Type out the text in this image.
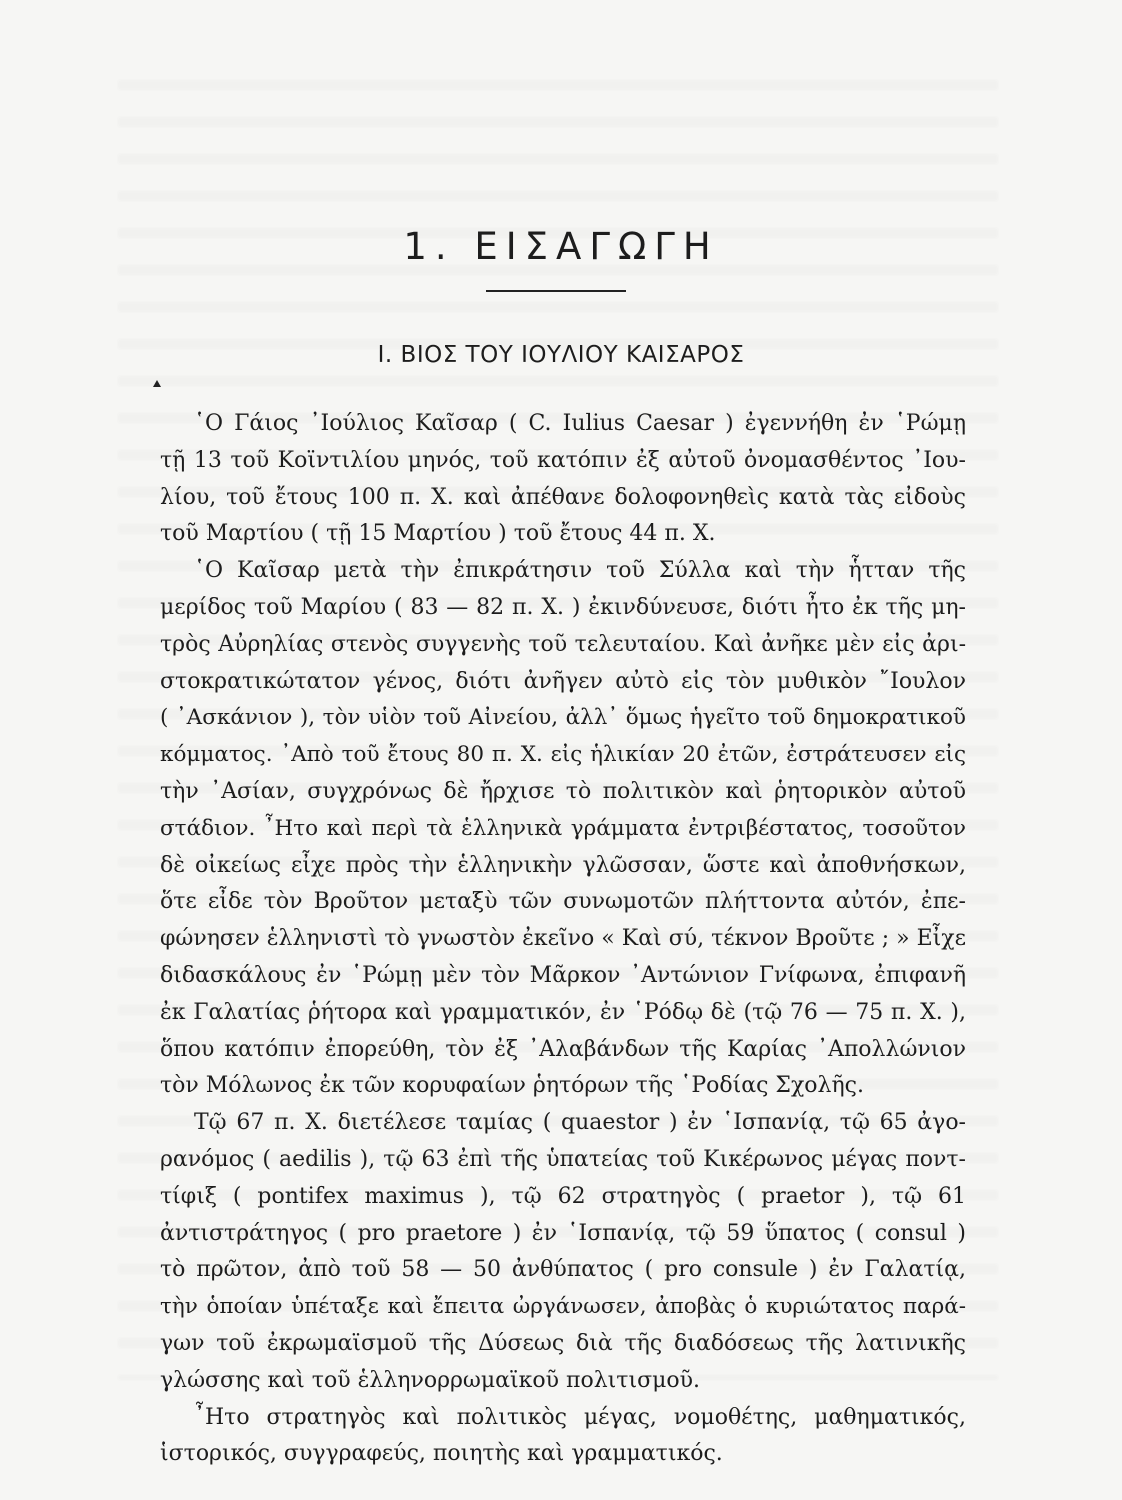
1. ΕΙΣΑΓΩΓΗ
Ι. ΒΙΟΣ ΤΟΥ ΙΟΥΛΙΟΥ ΚΑΙΣΑΡΟΣ
῾Ο Γάιος ᾿Ιούλιος Καῖσαρ ( C. Iulius Caesar ) ἐγεννήθη ἐν ῾Ρώμῃ
τῇ 13 τοῦ Κοϊντιλίου μηνός, τοῦ κατόπιν ἐξ αὐτοῦ ὀνομασθέντος ᾿Ιου-
λίου, τοῦ ἔτους 100 π. Χ. καὶ ἀπέθανε δολοφονηθεὶς κατὰ τὰς εἰδοὺς
τοῦ Μαρτίου ( τῇ 15 Μαρτίου ) τοῦ ἔτους 44 π. Χ.
῾Ο Καῖσαρ μετὰ τὴν ἐπικράτησιν τοῦ Σύλλα καὶ τὴν ἧτταν τῆς
μερίδος τοῦ Μαρίου ( 83 — 82 π. Χ. ) ἐκινδύνευσε, διότι ἦτο ἐκ τῆς μη-
τρὸς Αὐρηλίας στενὸς συγγενὴς τοῦ τελευταίου. Καὶ ἀνῆκε μὲν εἰς ἀρι-
στοκρατικώτατον γένος, διότι ἀνῆγεν αὐτὸ εἰς τὸν μυθικὸν ῎Ιουλον
( ᾿Ασκάνιον ), τὸν υἱὸν τοῦ Αἰνείου, ἀλλ᾿ ὅμως ἡγεῖτο τοῦ δημοκρατικοῦ
κόμματος. ᾿Απὸ τοῦ ἔτους 80 π. Χ. εἰς ἡλικίαν 20 ἐτῶν, ἐστράτευσεν εἰς
τὴν ᾿Ασίαν, συγχρόνως δὲ ἤρχισε τὸ πολιτικὸν καὶ ῥητορικὸν αὐτοῦ
στάδιον. ῏Ητο καὶ περὶ τὰ ἑλληνικὰ γράμματα ἐντριβέστατος, τοσοῦτον
δὲ οἰκείως εἶχε πρὸς τὴν ἑλληνικὴν γλῶσσαν, ὥστε καὶ ἀποθνήσκων,
ὅτε εἶδε τὸν Βροῦτον μεταξὺ τῶν συνωμοτῶν πλήττοντα αὐτόν, ἐπε-
φώνησεν ἑλληνιστὶ τὸ γνωστὸν ἐκεῖνο « Καὶ σύ, τέκνον Βροῦτε ; » Εἶχε
διδασκάλους ἐν ῾Ρώμῃ μὲν τὸν Μᾶρκον ᾿Αντώνιον Γνίφωνα, ἐπιφανῆ
ἐκ Γαλατίας ῥήτορα καὶ γραμματικόν, ἐν ῾Ρόδῳ δὲ (τῷ 76 — 75 π. Χ. ),
ὅπου κατόπιν ἐπορεύθη, τὸν ἐξ ᾿Αλαβάνδων τῆς Καρίας ᾿Απολλώνιον
τὸν Μόλωνος ἐκ τῶν κορυφαίων ῥητόρων τῆς ῾Ροδίας Σχολῆς.
Τῷ 67 π. Χ. διετέλεσε ταμίας ( quaestor ) ἐν ῾Ισπανίᾳ, τῷ 65 ἀγο-
ρανόμος ( aedilis ), τῷ 63 ἐπὶ τῆς ὑπατείας τοῦ Κικέρωνος μέγας ποντ-
τίφιξ ( pontifex maximus ), τῷ 62 στρατηγὸς ( praetor ), τῷ 61
ἀντιστράτηγος ( pro praetore ) ἐν ῾Ισπανίᾳ, τῷ 59 ὕπατος ( consul )
τὸ πρῶτον, ἀπὸ τοῦ 58 — 50 ἀνθύπατος ( pro consule ) ἐν Γαλατίᾳ,
τὴν ὁποίαν ὑπέταξε καὶ ἔπειτα ὠργάνωσεν, ἀποβὰς ὁ κυριώτατος παρά-
γων τοῦ ἐκρωμαϊσμοῦ τῆς Δύσεως διὰ τῆς διαδόσεως τῆς λατινικῆς
γλώσσης καὶ τοῦ ἑλληνορρωμαϊκοῦ πολιτισμοῦ.
῏Ητο στρατηγὸς καὶ πολιτικὸς μέγας, νομοθέτης, μαθηματικός,
ἱστορικός, συγγραφεύς, ποιητὴς καὶ γραμματικός.
